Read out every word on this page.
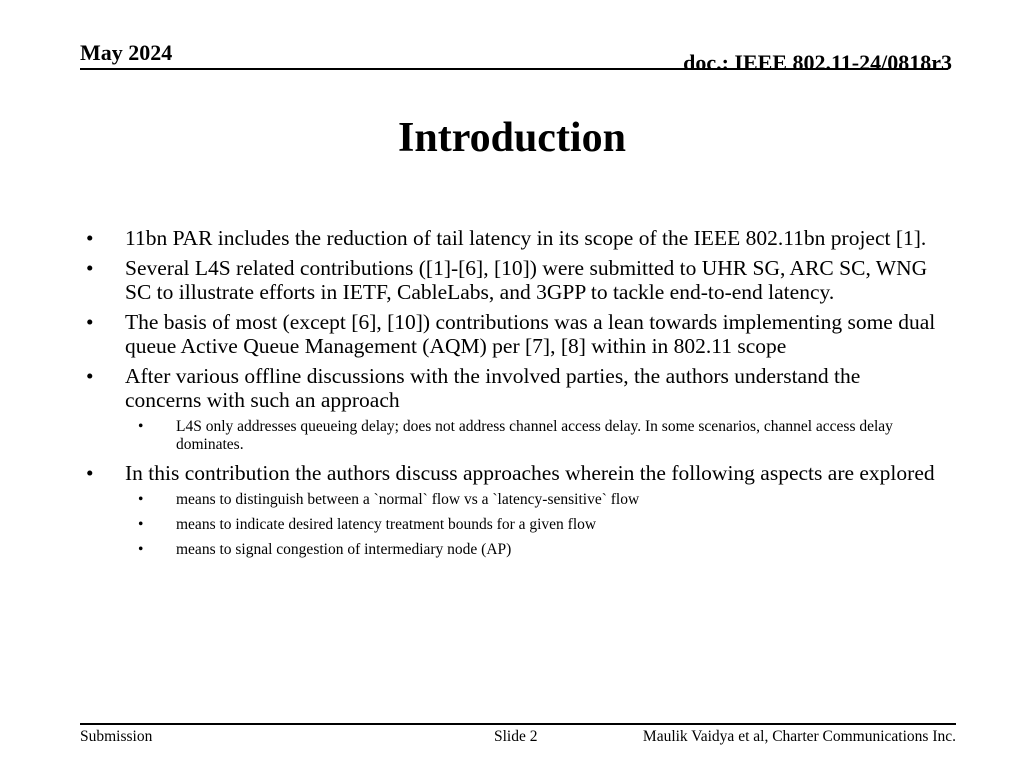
May 2024	doc.: IEEE 802.11-24/0818r3
Introduction
•	11bn PAR includes the reduction of tail latency in its scope of the IEEE 802.11bn project [1].
•	Several L4S related contributions ([1]-[6], [10]) were submitted to UHR SG, ARC SC, WNG SC to illustrate efforts in IETF, CableLabs, and 3GPP to tackle end-to-end latency.
•	The basis of most (except [6], [10]) contributions was a lean towards implementing some dual queue Active Queue Management (AQM) per [7], [8] within in 802.11 scope
•	After various offline discussions with the involved parties, the authors understand the concerns with such an approach
•	L4S only addresses queueing delay; does not address channel access delay. In some scenarios, channel access delay dominates.
•	In this contribution the authors discuss approaches wherein the following aspects are explored
•	means to distinguish between a `normal` flow vs a `latency-sensitive` flow
•	means to indicate desired latency treatment bounds for a given flow
•	means to signal congestion of intermediary node (AP)
Submission	Slide 2	Maulik Vaidya et al, Charter Communications Inc.
